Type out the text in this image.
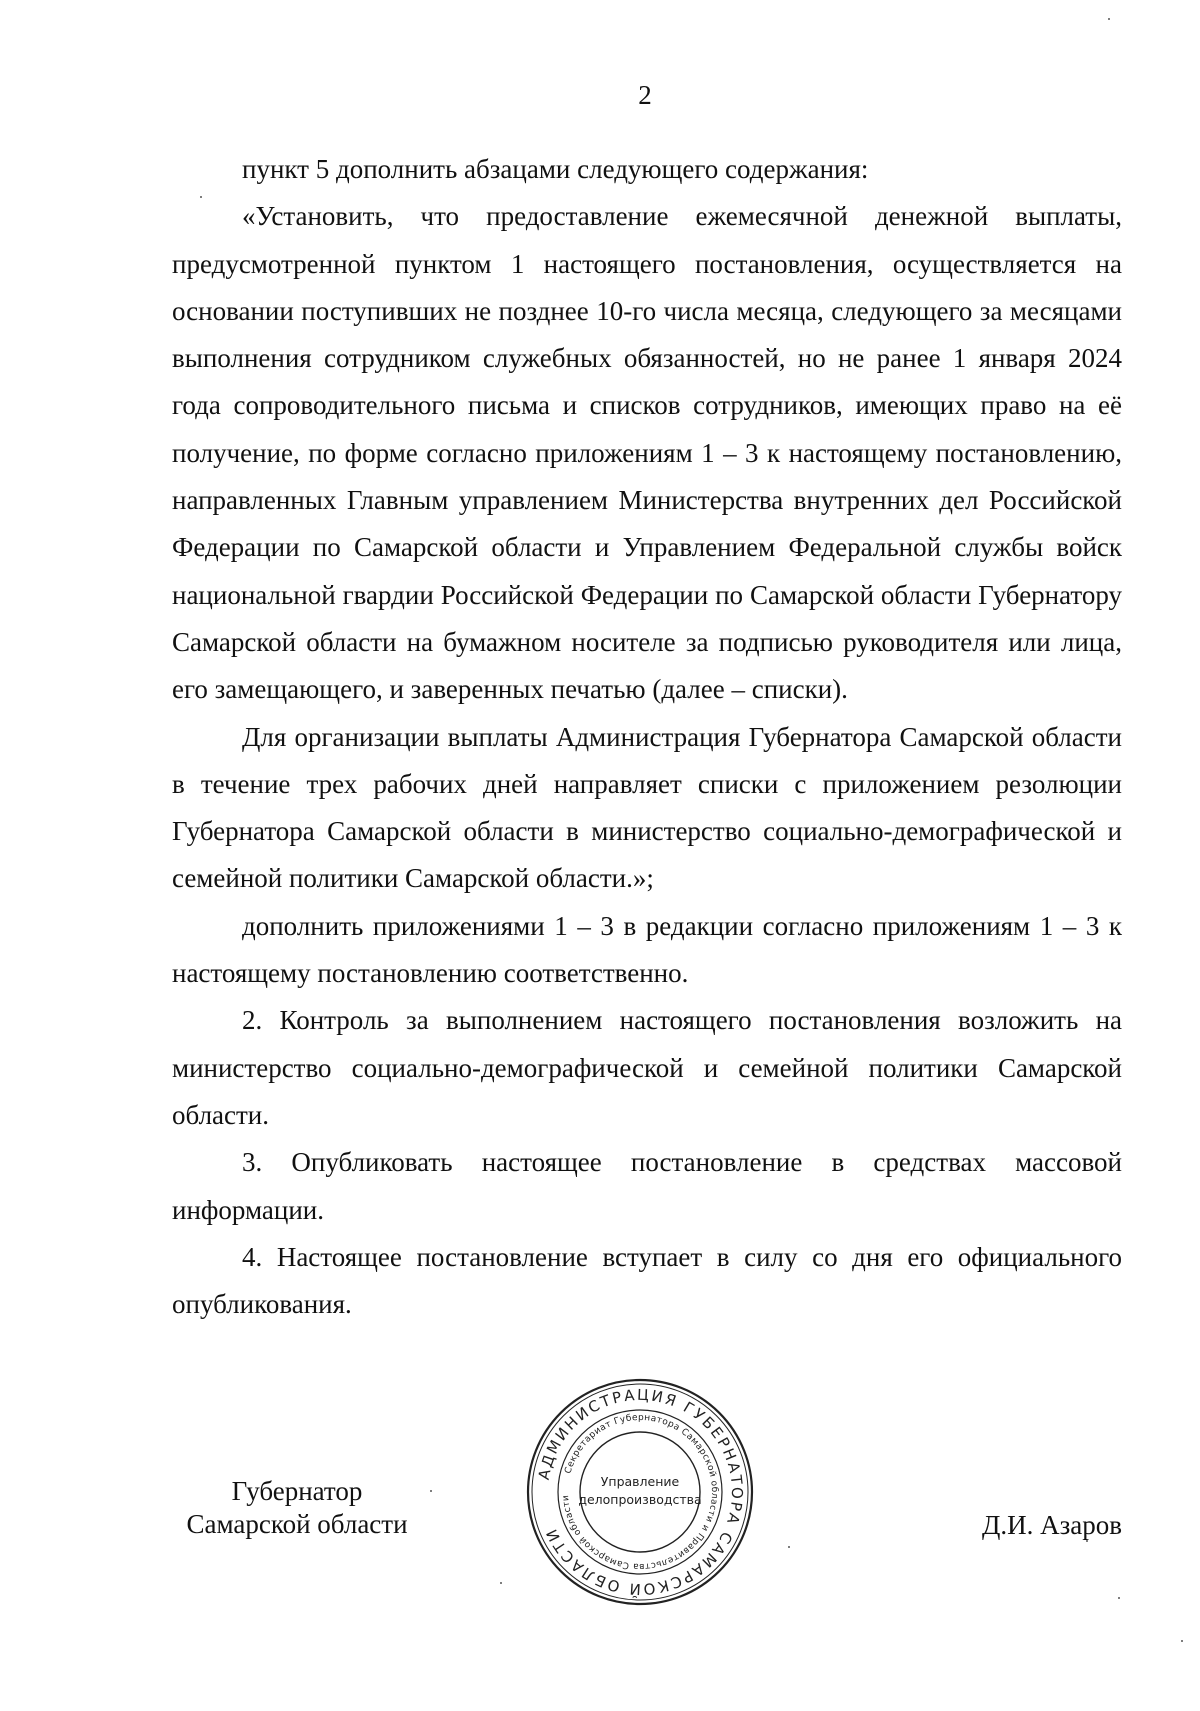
2

пункт 5 дополнить абзацами следующего содержания:

«Установить, что предоставление ежемесячной денежной выплаты, предусмотренной пунктом 1 настоящего постановления, осуществляется на основании поступивших не позднее 10-го числа месяца, следующего за месяцами выполнения сотрудником служебных обязанностей, но не ранее 1 января 2024 года сопроводительного письма и списков сотрудников, имеющих право на её получение, по форме согласно приложениям 1 – 3 к настоящему постановлению, направленных Главным управлением Министерства внутренних дел Российской Федерации по Самарской области и Управлением Федеральной службы войск национальной гвардии Российской Федерации по Самарской области Губернатору Самарской области на бумажном носителе за подписью руководителя или лица, его замещающего, и заверенных печатью (далее – списки).

Для организации выплаты Администрация Губернатора Самарской области в течение трех рабочих дней направляет списки с приложением резолюции Губернатора Самарской области в министерство социально-демографической и семейной политики Самарской области.»;

дополнить приложениями 1 – 3 в редакции согласно приложениям 1 – 3 к настоящему постановлению соответственно.

2. Контроль за выполнением настоящего постановления возложить на министерство социально-демографической и семейной политики Самарской области.

3. Опубликовать настоящее постановление в средствах массовой информации.

4. Настоящее постановление вступает в силу со дня его официального опубликования.

Губернатор
Самарской области
АДМИНИСТРАЦИЯ ГУБЕРНАТОРА САМАРСКОЙ ОБЛАСТИ
Секретариат Губернатора Самарской области и Правительства Самарской области
Управление
делопроизводства
Д.И. Азаров
